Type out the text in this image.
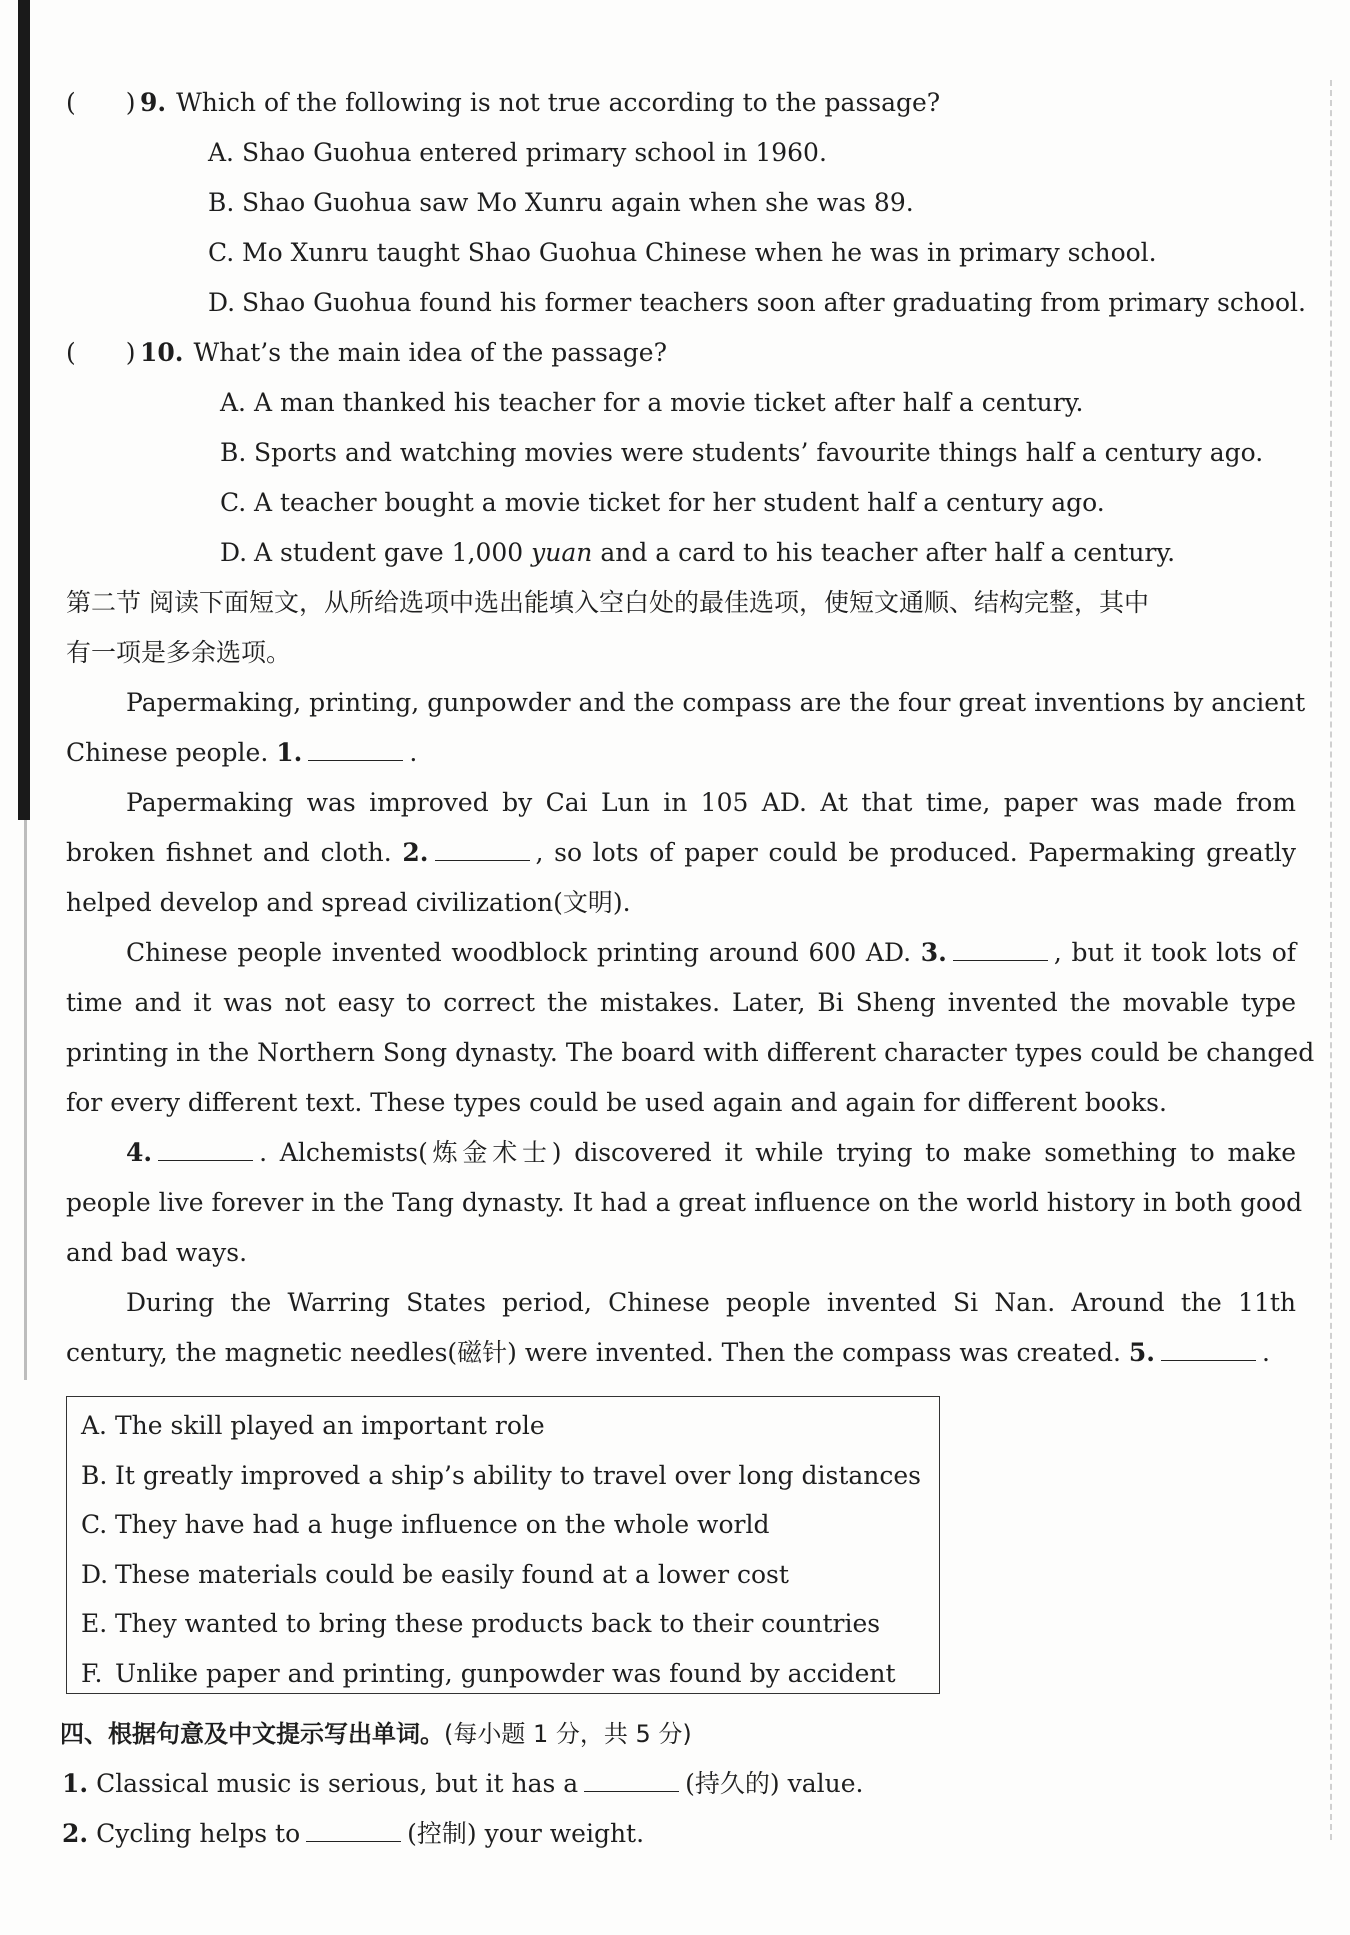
(　　) 9. Which of the following is not true according to the passage?
A. Shao Guohua entered primary school in 1960.
B. Shao Guohua saw Mo Xunru again when she was 89.
C. Mo Xunru taught Shao Guohua Chinese when he was in primary school.
D. Shao Guohua found his former teachers soon after graduating from primary school.
(　　) 10. What’s the main idea of the passage?
A. A man thanked his teacher for a movie ticket after half a century.
B. Sports and watching movies were students’ favourite things half a century ago.
C. A teacher bought a movie ticket for her student half a century ago.
D. A student gave 1,000 yuan and a card to his teacher after half a century.
第二节 阅读下面短文，从所给选项中选出能填入空白处的最佳选项，使短文通顺、结构完整，其中
有一项是多余选项。
Papermaking, printing, gunpowder and the compass are the four great inventions by ancient
Chinese people. 1.	.
Papermaking was improved by Cai Lun in 105 AD. At that time, paper was made from
broken fishnet and cloth. 2.	, so lots of paper could be produced. Papermaking greatly
helped develop and spread civilization(文明).
Chinese people invented woodblock printing around 600 AD. 3.	, but it took lots of
time and it was not easy to correct the mistakes. Later, Bi Sheng invented the movable type
printing in the Northern Song dynasty. The board with different character types could be changed
for every different text. These types could be used again and again for different books.
4.	. Alchemists(炼金术士) discovered it while trying to make something to make
people live forever in the Tang dynasty. It had a great influence on the world history in both good
and bad ways.
During the Warring States period, Chinese people invented Si Nan. Around the 11th
century, the magnetic needles(磁针) were invented. Then the compass was created. 5.	.
A. The skill played an important role
B. It greatly improved a ship’s ability to travel over long distances
C. They have had a huge influence on the whole world
D. These materials could be easily found at a lower cost
E. They wanted to bring these products back to their countries
F. Unlike paper and printing, gunpowder was found by accident
四、根据句意及中文提示写出单词。(每小题 1 分，共 5 分)
1. Classical music is serious, but it has a	(持久的) value.
2. Cycling helps to	(控制) your weight.
